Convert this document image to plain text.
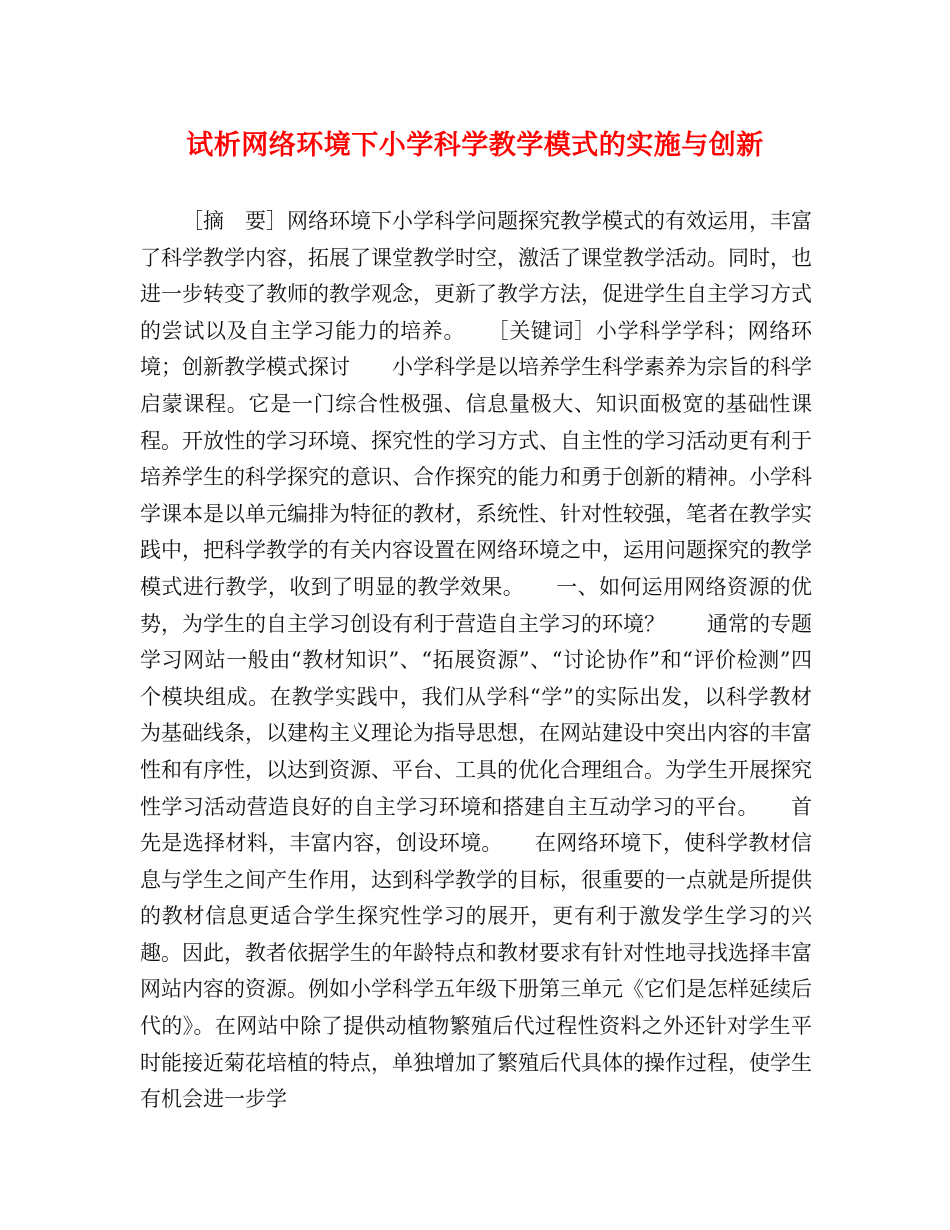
试析网络环境下小学科学教学模式的实施与创新

［摘　要］网络环境下小学科学问题探究教学模式的有效运用，丰富了科学教学内容，拓展了课堂教学时空，激活了课堂教学活动。同时，也进一步转变了教师的教学观念，更新了教学方法，促进学生自主学习方式的尝试以及自主学习能力的培养。　　［关键词］小学科学学科；网络环境；创新教学模式探讨　　小学科学是以培养学生科学素养为宗旨的科学启蒙课程。它是一门综合性极强、信息量极大、知识面极宽的基础性课程。开放性的学习环境、探究性的学习方式、自主性的学习活动更有利于培养学生的科学探究的意识、合作探究的能力和勇于创新的精神。小学科学课本是以单元编排为特征的教材，系统性、针对性较强，笔者在教学实践中，把科学教学的有关内容设置在网络环境之中，运用问题探究的教学模式进行教学，收到了明显的教学效果。　　一、如何运用网络资源的优势，为学生的自主学习创设有利于营造自主学习的环境？　　通常的专题学习网站一般由“教材知识”、“拓展资源”、“讨论协作”和“评价检测”四个模块组成。在教学实践中，我们从学科“学”的实际出发，以科学教材为基础线条，以建构主义理论为指导思想，在网站建设中突出内容的丰富性和有序性，以达到资源、平台、工具的优化合理组合。为学生开展探究性学习活动营造良好的自主学习环境和搭建自主互动学习的平台。　　首先是选择材料，丰富内容，创设环境。　　在网络环境下，使科学教材信息与学生之间产生作用，达到科学教学的目标，很重要的一点就是所提供的教材信息更适合学生探究性学习的展开，更有利于激发学生学习的兴趣。因此，教者依据学生的年龄特点和教材要求有针对性地寻找选择丰富网站内容的资源。例如小学科学五年级下册第三单元《它们是怎样延续后代的》。在网站中除了提供动植物繁殖后代过程性资料之外还针对学生平时能接近菊花培植的特点，单独增加了繁殖后代具体的操作过程，使学生有机会进一步学
